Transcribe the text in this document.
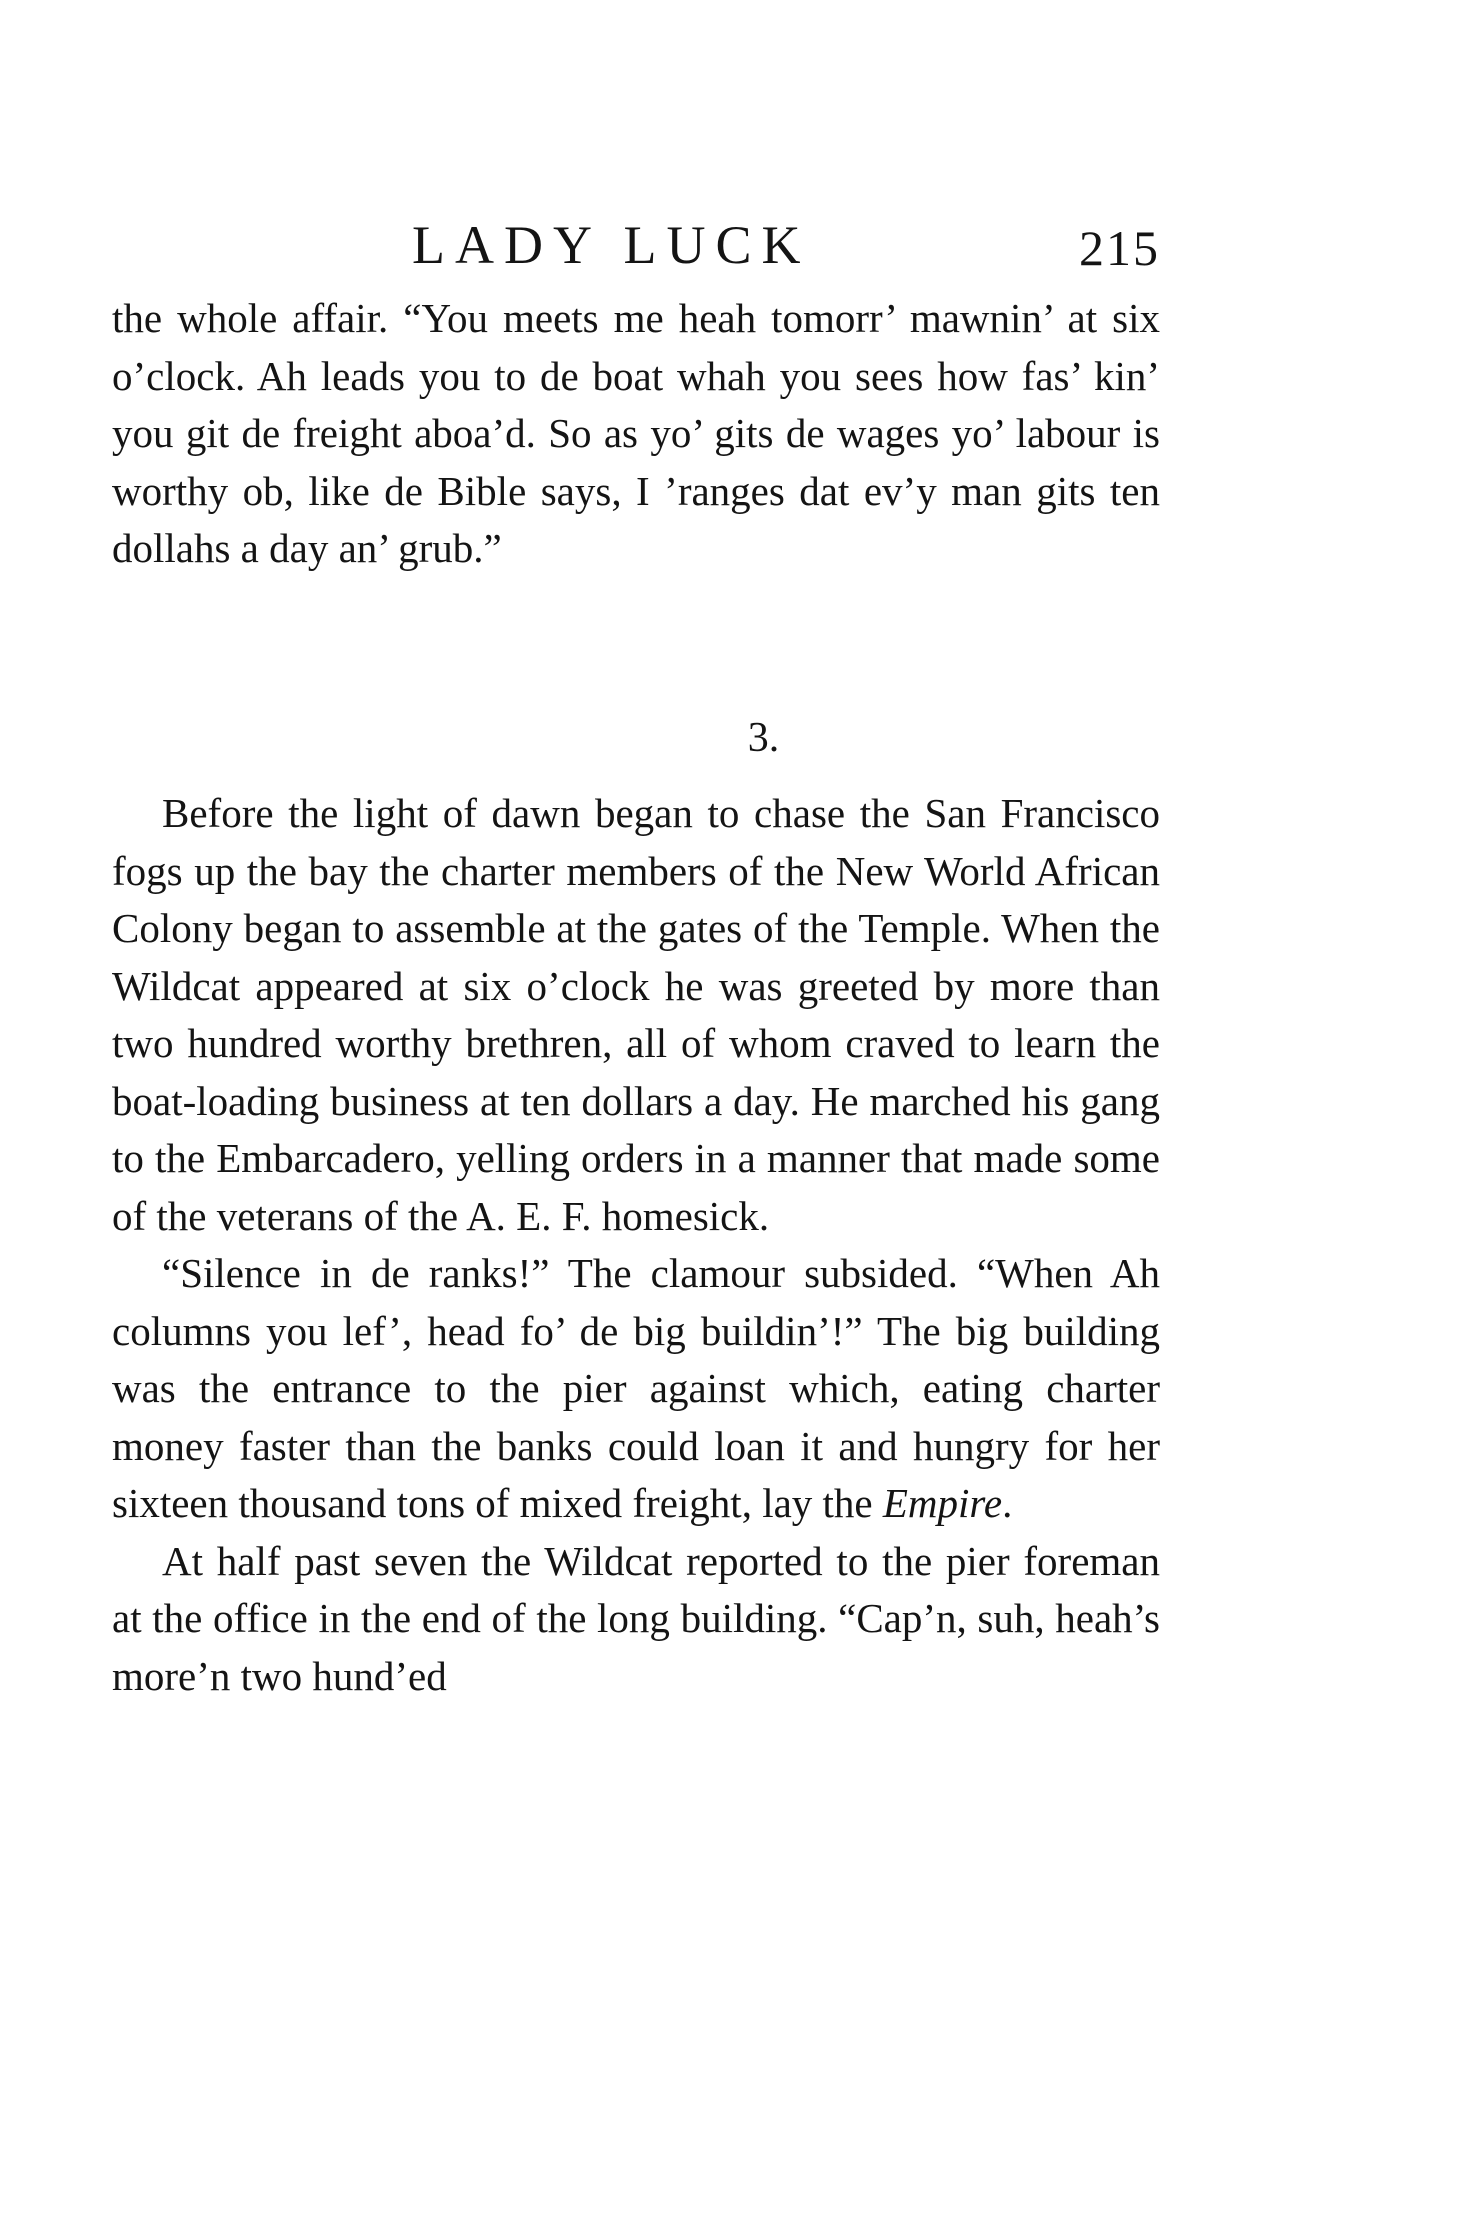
LADY LUCK	215

the whole affair. “You meets me heah tomorr’ mawnin’ at six o’clock. Ah leads you to de boat whah you sees how fas’ kin’ you git de freight aboa’d. So as yo’ gits de wages yo’ labour is worthy ob, like de Bible says, I ’ranges dat ev’y man gits ten dollahs a day an’ grub.”

3.

Before the light of dawn began to chase the San Francisco fogs up the bay the charter members of the New World African Colony began to assemble at the gates of the Temple. When the Wildcat appeared at six o’clock he was greeted by more than two hundred worthy brethren, all of whom craved to learn the boat-loading business at ten dollars a day. He marched his gang to the Embarcadero, yelling orders in a manner that made some of the veterans of the A. E. F. homesick.

“Silence in de ranks!” The clamour subsided. “When Ah columns you lef’, head fo’ de big buildin’!” The big building was the entrance to the pier against which, eating charter money faster than the banks could loan it and hungry for her sixteen thousand tons of mixed freight, lay the Empire.

At half past seven the Wildcat reported to the pier foreman at the office in the end of the long building. “Cap’n, suh, heah’s more’n two hund’ed
